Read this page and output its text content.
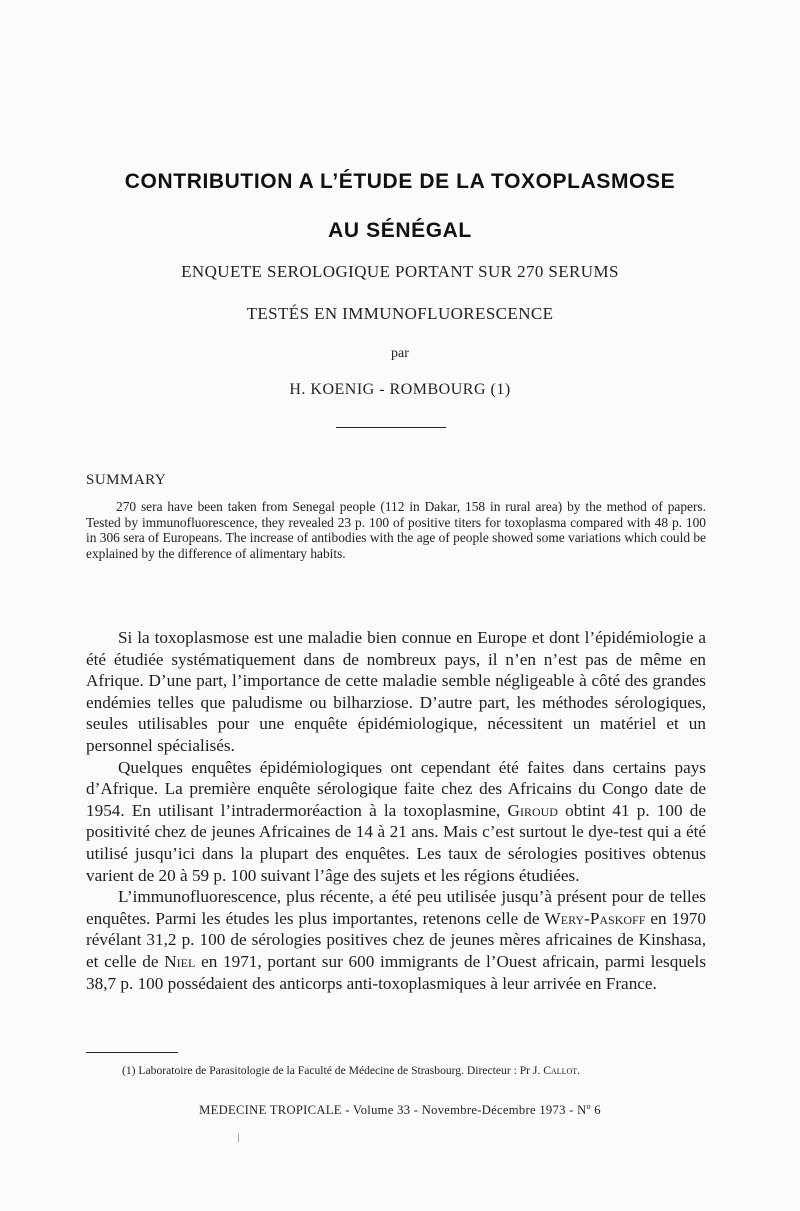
CONTRIBUTION A L’ÉTUDE DE LA TOXOPLASMOSE
AU SÉNÉGAL
ENQUETE SEROLOGIQUE PORTANT SUR 270 SERUMS
TESTÉS EN IMMUNOFLUORESCENCE
par
H. KOENIG - ROMBOURG (1)
SUMMARY
270 sera have been taken from Senegal people (112 in Dakar, 158 in rural area) by the method of papers. Tested by immunofluorescence, they revealed 23 p. 100 of positive titers for toxoplasma compared with 48 p. 100 in 306 sera of Europeans. The increase of antibodies with the age of people showed some variations which could be explained by the difference of alimentary habits.

Si la toxoplasmose est une maladie bien connue en Europe et dont l’épidémiologie a été étudiée systématiquement dans de nombreux pays, il n’en n’est pas de même en Afrique. D’une part, l’importance de cette maladie semble négligeable à côté des grandes endémies telles que paludisme ou bilharziose. D’autre part, les méthodes sérologiques, seules utilisables pour une enquête épidémiologique, nécessitent un matériel et un personnel spécialisés.

Quelques enquêtes épidémiologiques ont cependant été faites dans certains pays d’Afrique. La première enquête sérologique faite chez des Africains du Congo date de 1954. En utilisant l’intradermoréaction à la toxoplasmine, Giroud obtint 41 p. 100 de positivité chez de jeunes Africaines de 14 à 21 ans. Mais c’est surtout le dye-test qui a été utilisé jusqu’ici dans la plupart des enquêtes. Les taux de sérologies positives obtenus varient de 20 à 59 p. 100 suivant l’âge des sujets et les régions étudiées.

L’immunofluorescence, plus récente, a été peu utilisée jusqu’à présent pour de telles enquêtes. Parmi les études les plus importantes, retenons celle de Wery-Paskoff en 1970 révélant 31,2 p. 100 de sérologies positives chez de jeunes mères africaines de Kinshasa, et celle de Niel en 1971, portant sur 600 immigrants de l’Ouest africain, parmi lesquels 38,7 p. 100 possédaient des anticorps anti-toxoplasmiques à leur arrivée en France.

(1) Laboratoire de Parasitologie de la Faculté de Médecine de Strasbourg. Directeur : Pr J. Callot.
MEDECINE TROPICALE - Volume 33 - Novembre-Décembre $1973 - N^o$ 6
